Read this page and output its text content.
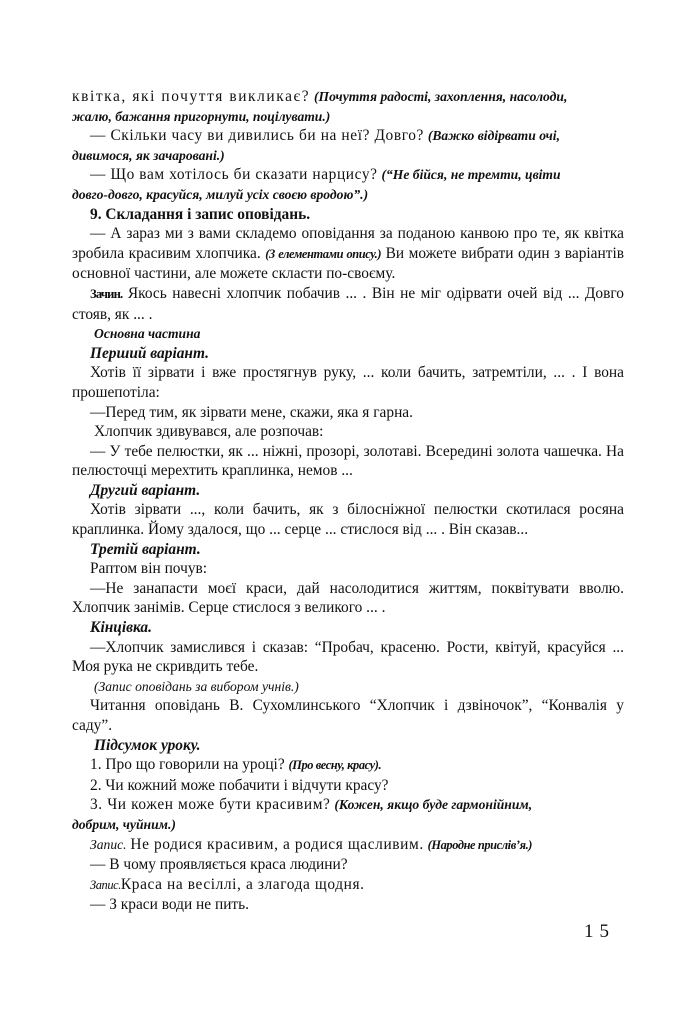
квітка, які почуття викликає? (Почуття радості, захоплення, насолоди,

жалю, бажання пригорнути, поцілувати.)

— Скільки часу ви дивились би на неї? Довго? (Важко відірвати очі,

дивимося, як зачаровані.)

— Що вам хотілось би сказати нарцису? (“Не бійся, не тремти, цвіти

довго-довго, красуйся, милуй усіх своєю вродою”.)

9. Складання і запис оповідань.

— А зараз ми з вами складемо оповідання за поданою канвою про те, як квітка зробила красивим хлопчика. (З елементами опису.) Ви можете вибрати один з варіантів основної частини, але можете скласти по-своєму.

Зачин. Якось навесні хлопчик побачив ... . Він не міг одірвати очей від ... Довго стояв, як ... .

Основна частина

Перший варіант.

Хотів її зірвати і вже простягнув руку, ... коли бачить, затремтіли, ... . І вона прошепотіла:

—Перед тим, як зірвати мене, скажи, яка я гарна.

Хлопчик здивувався, але розпочав:

— У тебе пелюстки, як ... ніжні, прозорі, золотаві. Всередині золота чашечка. На пелюсточці мерехтить краплинка, немов ...

Другий варіант.

Хотів зірвати ..., коли бачить, як з білосніжної пелюстки скотилася росяна краплинка. Йому здалося, що ... серце ... стислося від ... . Він сказав...

Третій варіант.

Раптом він почув:

—Не занапасти моєї краси, дай насолодитися життям, поквітувати вволю. Хлопчик занімів. Серце стислося з великого ... .

Кінцівка.

—Хлопчик замислився і сказав: “Пробач, красеню. Рости, квітуй, красуйся ... Моя рука не скривдить тебе.

(Запис оповідань за вибором учнів.)

Читання оповідань В. Сухомлинського “Хлопчик і дзвіночок”, “Конвалія у саду”.

Підсумок уроку.

1. Про що говорили на уроці? (Про весну, красу).

2. Чи кожний може побачити і відчути красу?

3. Чи кожен може бути красивим? (Кожен, якщо буде гармонійним,

добрим, чуйним.)

Запис. Не родися красивим, а родися щасливим. (Народне прислів’я.)

— В чому проявляється краса людини?

Запис.Краса на весіллі, а злагода щодня.

— З краси води не пить.

15
